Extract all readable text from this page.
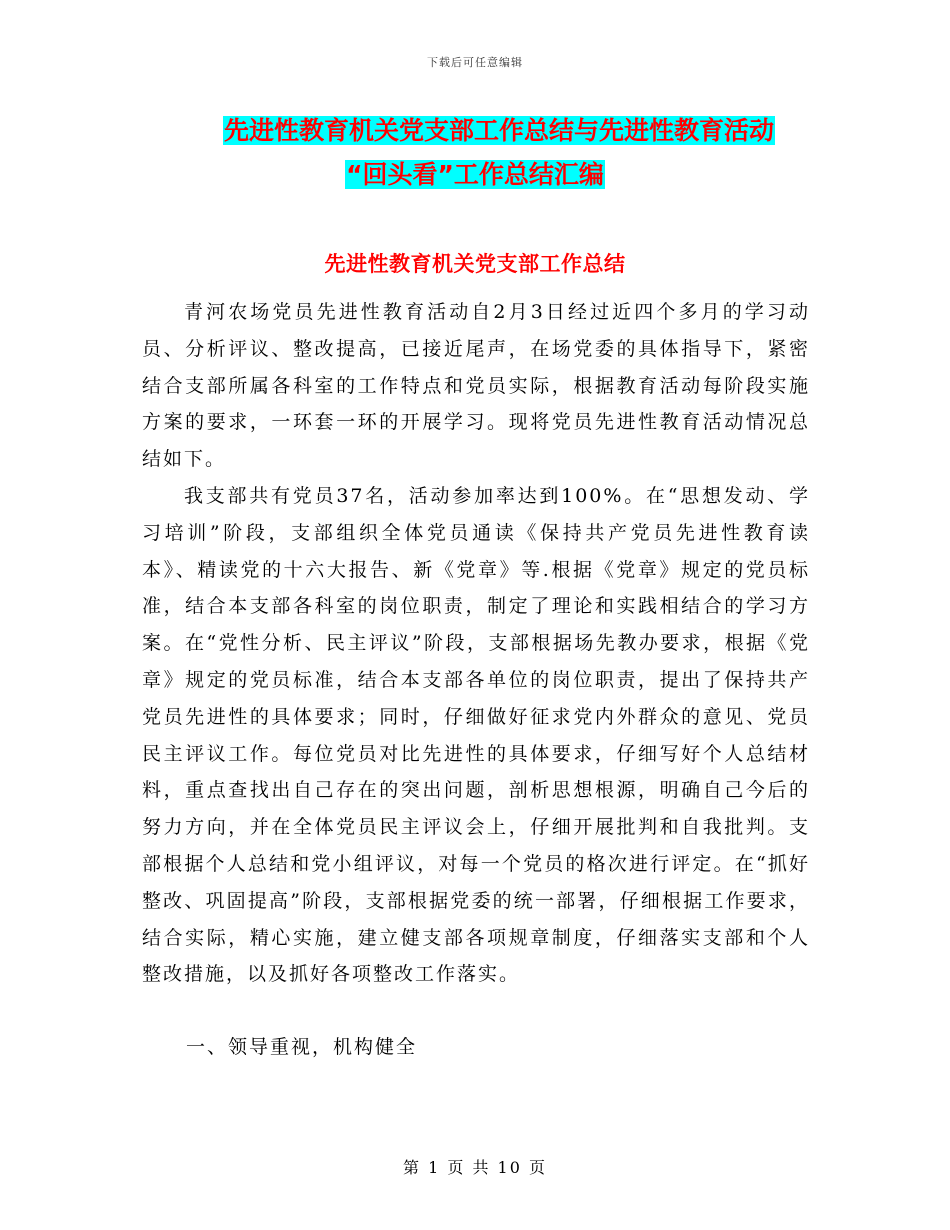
下载后可任意编辑
先进性教育机关党支部工作总结与先进性教育活动
“回头看”工作总结汇编
先进性教育机关党支部工作总结

青河农场党员先进性教育活动自2月3日经过近四个多月的学习动员、分析评议、整改提高，已接近尾声，在场党委的具体指导下，紧密结合支部所属各科室的工作特点和党员实际，根据教育活动每阶段实施方案的要求，一环套一环的开展学习。现将党员先进性教育活动情况总结如下。

我支部共有党员37名，活动参加率达到100%。在“思想发动、学习培训”阶段，支部组织全体党员通读《保持共产党员先进性教育读本》、精读党的十六大报告、新《党章》等.根据《党章》规定的党员标准，结合本支部各科室的岗位职责，制定了理论和实践相结合的学习方案。在“党性分析、民主评议”阶段，支部根据场先教办要求，根据《党章》规定的党员标准，结合本支部各单位的岗位职责，提出了保持共产党员先进性的具体要求；同时，仔细做好征求党内外群众的意见、党员民主评议工作。每位党员对比先进性的具体要求，仔细写好个人总结材料，重点查找出自己存在的突出问题，剖析思想根源，明确自己今后的努力方向，并在全体党员民主评议会上，仔细开展批判和自我批判。支部根据个人总结和党小组评议，对每一个党员的格次进行评定。在“抓好整改、巩固提高”阶段，支部根据党委的统一部署，仔细根据工作要求，结合实际，精心实施，建立健支部各项规章制度，仔细落实支部和个人整改措施，以及抓好各项整改工作落实。

一、领导重视，机构健全
第 1 页 共 10 页
